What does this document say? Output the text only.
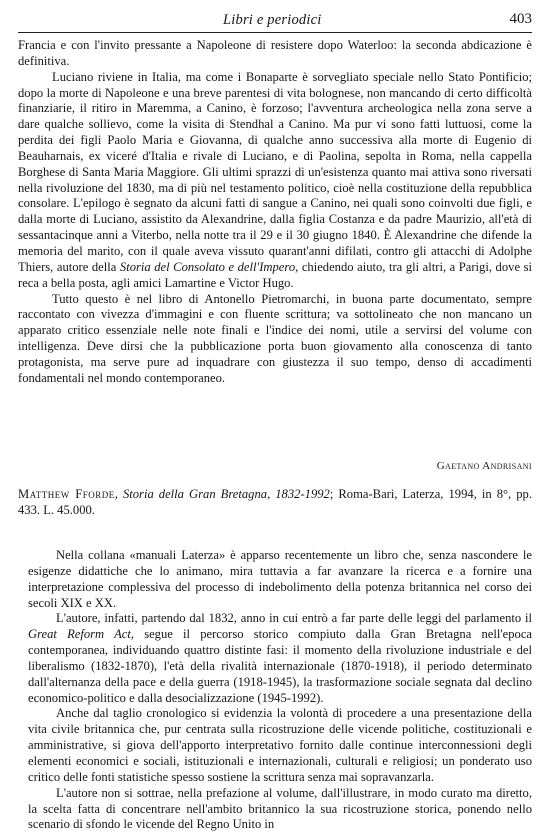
Libri e periodici	403

Francia e con l'invito pressante a Napoleone di resistere dopo Waterloo: la seconda abdicazione è definitiva.

Luciano riviene in Italia, ma come i Bonaparte è sorvegliato speciale nello Stato Pontificio; dopo la morte di Napoleone e una breve parentesi di vita bolognese, non mancando di certo difficoltà finanziarie, il ritiro in Maremma, a Canino, è forzoso; l'avventura archeologica nella zona serve a dare qualche sollievo, come la visita di Stendhal a Canino. Ma pur vi sono fatti luttuosi, come la perdita dei figli Paolo Maria e Giovanna, di qualche anno successiva alla morte di Eugenio di Beauharnais, ex viceré d'Italia e rivale di Luciano, e di Paolina, sepolta in Roma, nella cappella Borghese di Santa Maria Maggiore. Gli ultimi sprazzi di un'esistenza quanto mai attiva sono riversati nella rivoluzione del 1830, ma di più nel testamento politico, cioè nella costituzione della repubblica consolare. L'epilogo è segnato da alcuni fatti di sangue a Canino, nei quali sono coinvolti due figli, e dalla morte di Luciano, assistito da Alexandrine, dalla figlia Costanza e da padre Maurizio, all'età di sessantacinque anni a Viterbo, nella notte tra il 29 e il 30 giugno 1840. È Alexandrine che difende la memoria del marito, con il quale aveva vissuto quarant'anni difilati, contro gli attacchi di Adolphe Thiers, autore della Storia del Consolato e dell'Impero, chiedendo aiuto, tra gli altri, a Parigi, dove si reca a bella posta, agli amici Lamartine e Victor Hugo.

Tutto questo è nel libro di Antonello Pietromarchi, in buona parte documentato, sempre raccontato con vivezza d'immagini e con fluente scrittura; va sottolineato che non mancano un apparato critico essenziale nelle note finali e l'indice dei nomi, utile a servirsi del volume con intelligenza. Deve dirsi che la pubblicazione porta buon giovamento alla conoscenza di tanto protagonista, ma serve pure ad inquadrare con giustezza il suo tempo, denso di accadimenti fondamentali nel mondo contemporaneo.

Gaetano Andrisani

Matthew Fforde, Storia della Gran Bretagna, 1832-1992; Roma-Bari, Laterza, 1994, in 8°, pp. 433. L. 45.000.

Nella collana «manuali Laterza» è apparso recentemente un libro che, senza nascondere le esigenze didattiche che lo animano, mira tuttavia a far avanzare la ricerca e a fornire una interpretazione complessiva del processo di indebolimento della potenza britannica nel corso dei secoli XIX e XX.

L'autore, infatti, partendo dal 1832, anno in cui entrò a far parte delle leggi del parlamento il Great Reform Act, segue il percorso storico compiuto dalla Gran Bretagna nell'epoca contemporanea, individuando quattro distinte fasi: il momento della rivoluzione industriale e del liberalismo (1832-1870), l'età della rivalità internazionale (1870-1918), il periodo determinato dall'alternanza della pace e della guerra (1918-1945), la trasformazione sociale segnata dal declino economico-politico e dalla desocializzazione (1945-1992).

Anche dal taglio cronologico si evidenzia la volontà di procedere a una presentazione della vita civile britannica che, pur centrata sulla ricostruzione delle vicende politiche, costituzionali e amministrative, si giova dell'apporto interpretativo fornito dalle continue interconnessioni degli elementi economici e sociali, istituzionali e internazionali, culturali e religiosi; un ponderato uso critico delle fonti statistiche spesso sostiene la scrittura senza mai sopravanzarla.

L'autore non si sottrae, nella prefazione al volume, dall'illustrare, in modo curato ma diretto, la scelta fatta di concentrare nell'ambito britannico la sua ricostruzione storica, ponendo nello scenario di sfondo le vicende del Regno Unito in
